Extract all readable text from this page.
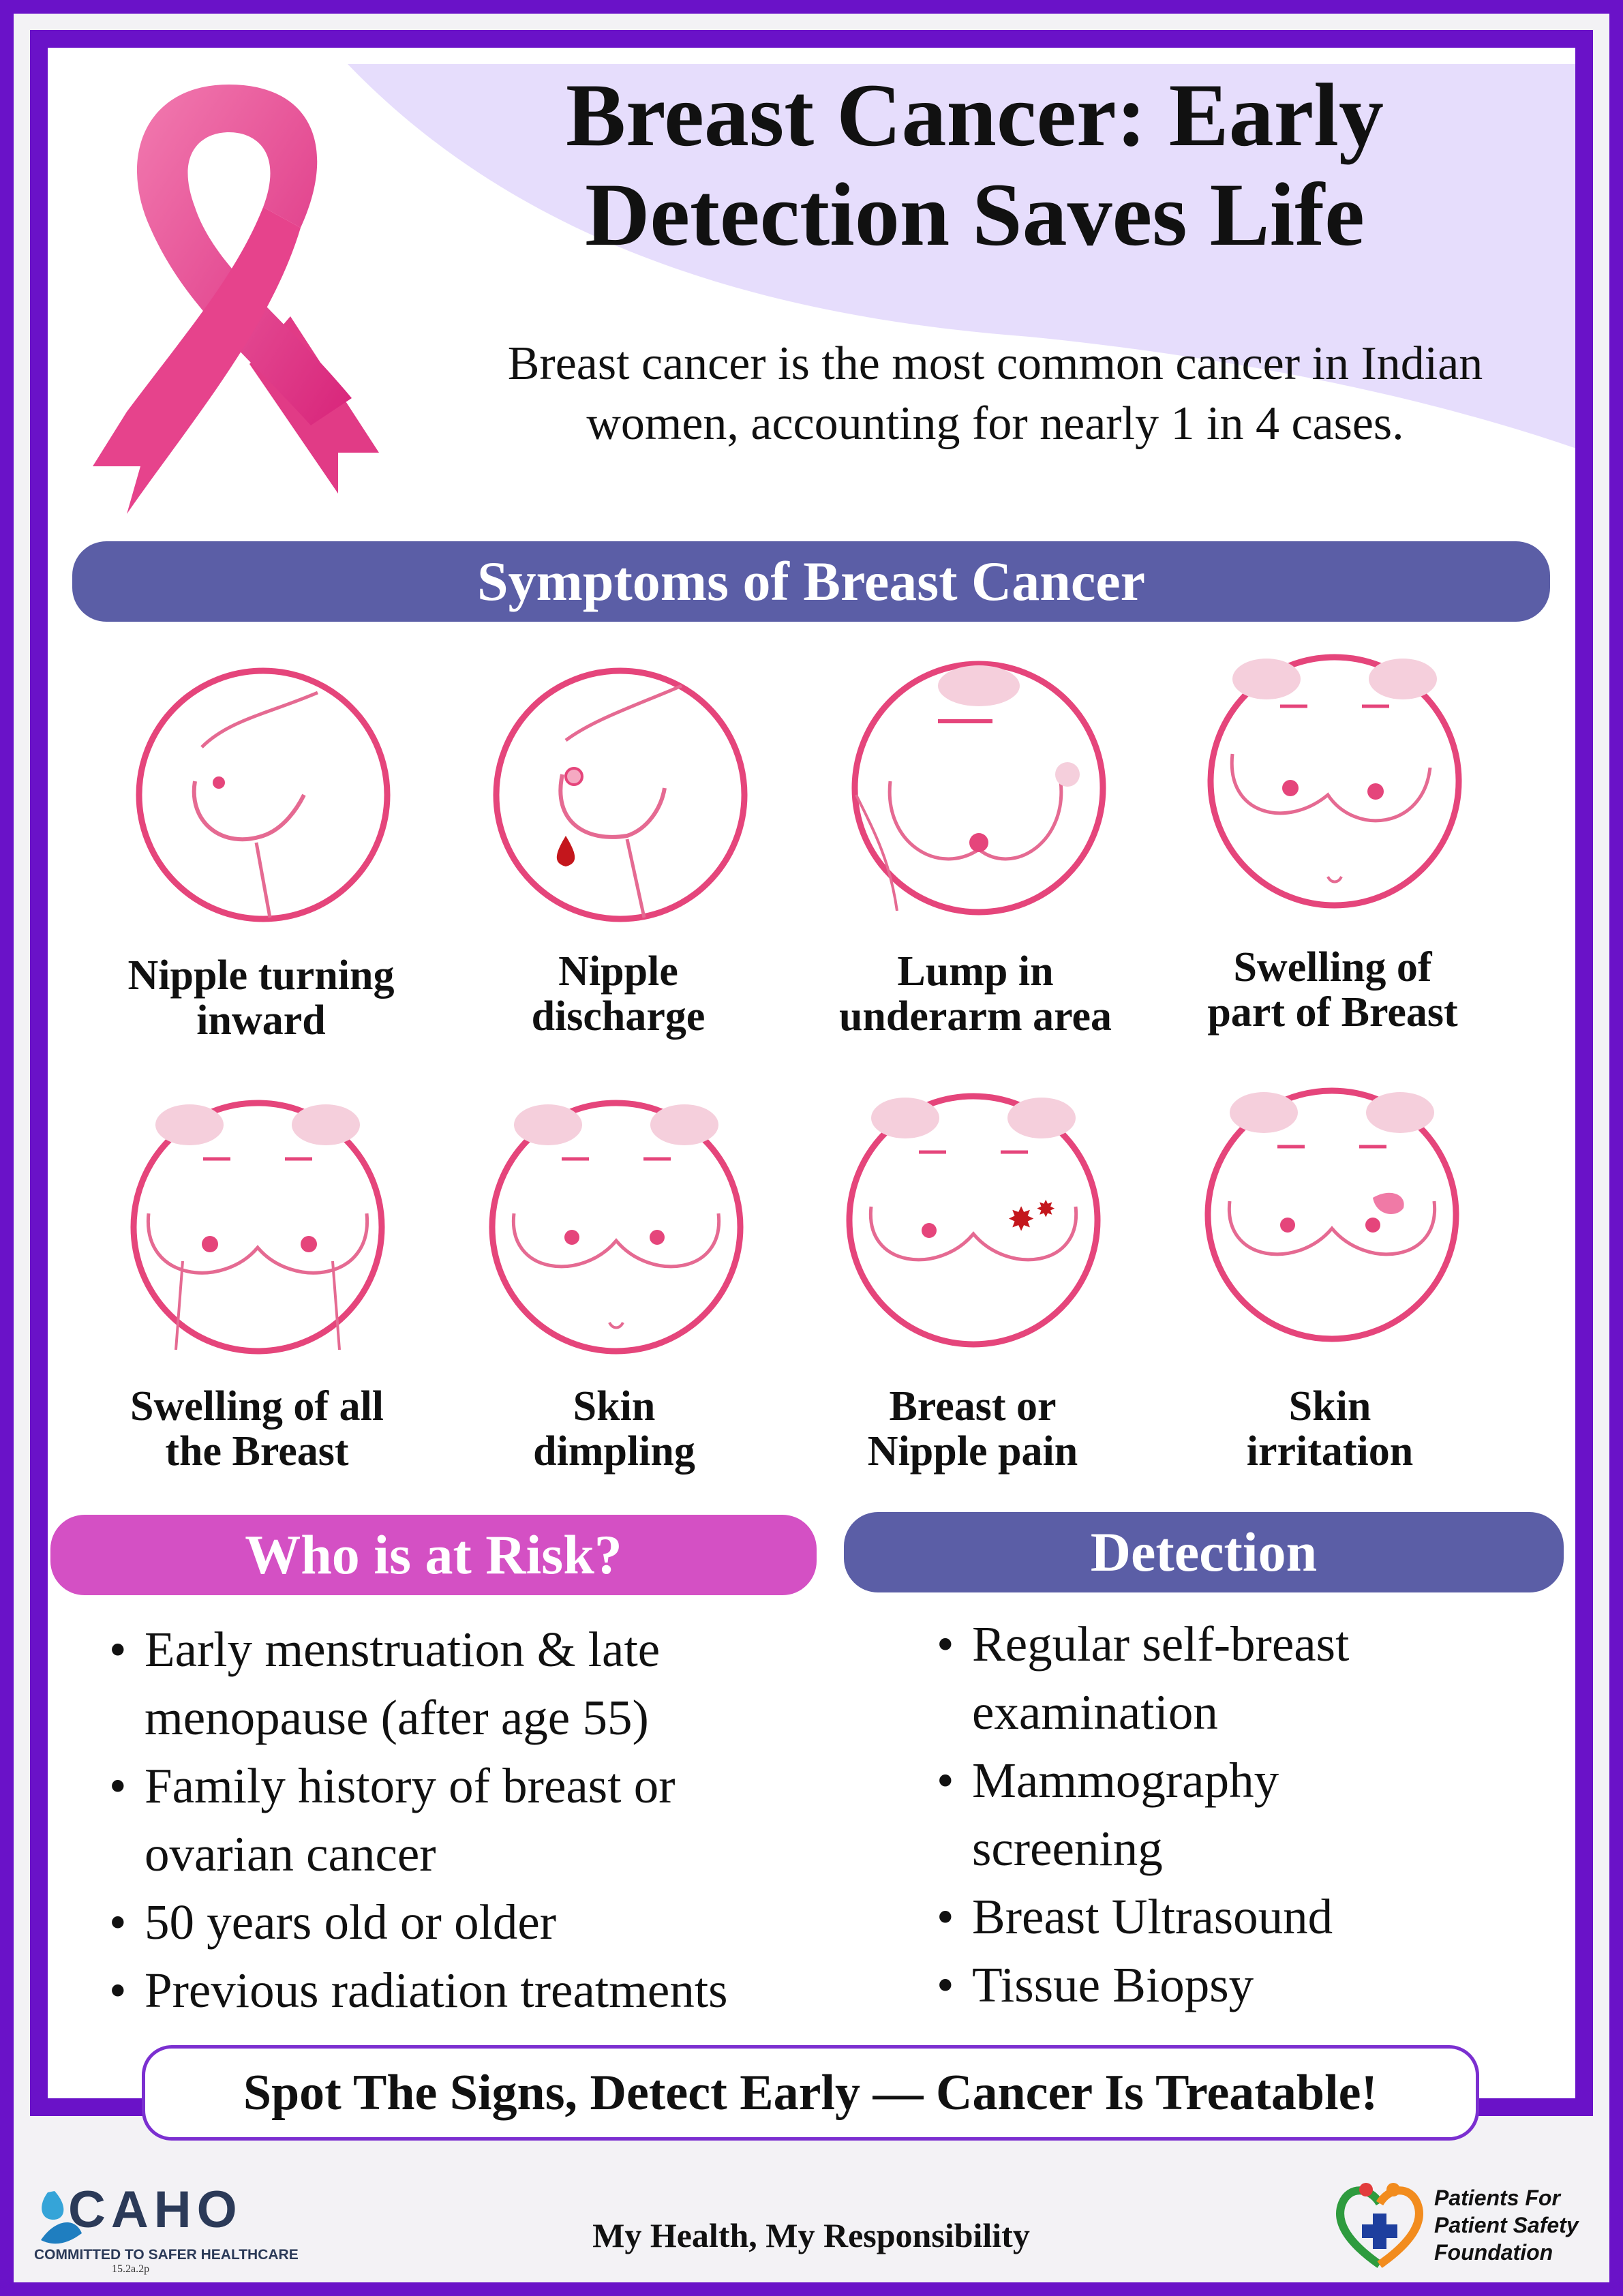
Breast Cancer: Early
Detection Saves Life

Breast cancer is the most common cancer in Indian women, accounting for nearly 1 in 4 cases.

Symptoms of Breast Cancer

Nipple turning
inward

Nipple
discharge

Lump in
underarm area

Swelling of
part of Breast

✸ ✸

Swelling of all
the Breast

Skin
dimpling

Breast or
Nipple pain

Skin
irritation

Who is at Risk?	Detection
• Early menstruation & late menopause (after age 55)
• Family history of breast or ovarian cancer
• 50 years old or older
• Previous radiation treatments
• Regular self-breast examination
• Mammography screening
• Breast Ultrasound
• Tissue Biopsy
Spot The Signs, Detect Early — Cancer Is Treatable!
CAHO
COMMITTED TO SAFER HEALTHCARE
15.2a.2p
My Health, My Responsibility
Patients For
Patient Safety
Foundation
